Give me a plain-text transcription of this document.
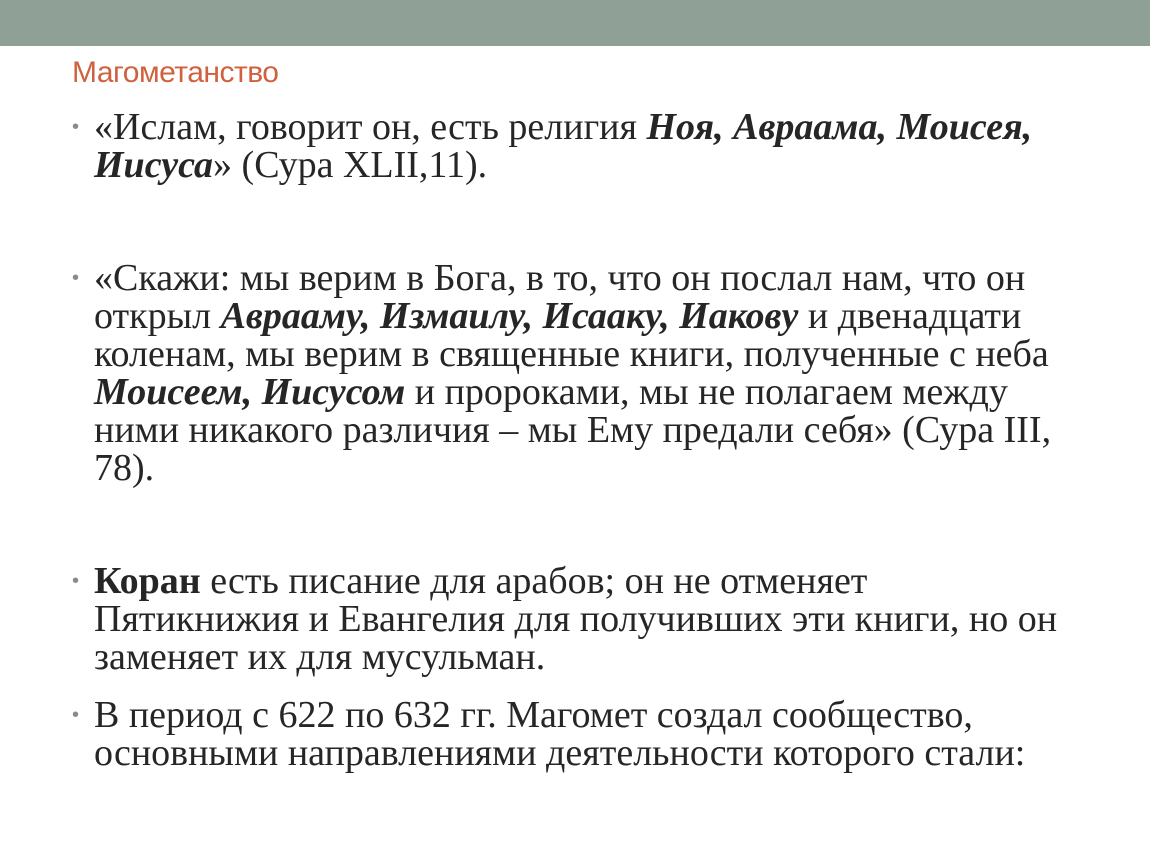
Магометанство
• «Ислам, говорит он, есть религия Ноя, Авраама, Моисея, Иисуса» (Сура XLII,11).
• «Скажи: мы верим в Бога, в то, что он послал нам, что он открыл Аврааму, Измаилу, Исааку, Иакову и двенадцати коленам, мы верим в священные книги, полученные с неба Моисеем, Иисусом и пророками, мы не полагаем между ними никакого различия – мы Ему предали себя» (Сура III, 78).
• Коран есть писание для арабов; он не отменяет Пятикнижия и Евангелия для получивших эти книги, но он заменяет их для мусульман.
• В период с 622 по 632 гг. Магомет создал сообщество, основными направлениями деятельности которого стали:
